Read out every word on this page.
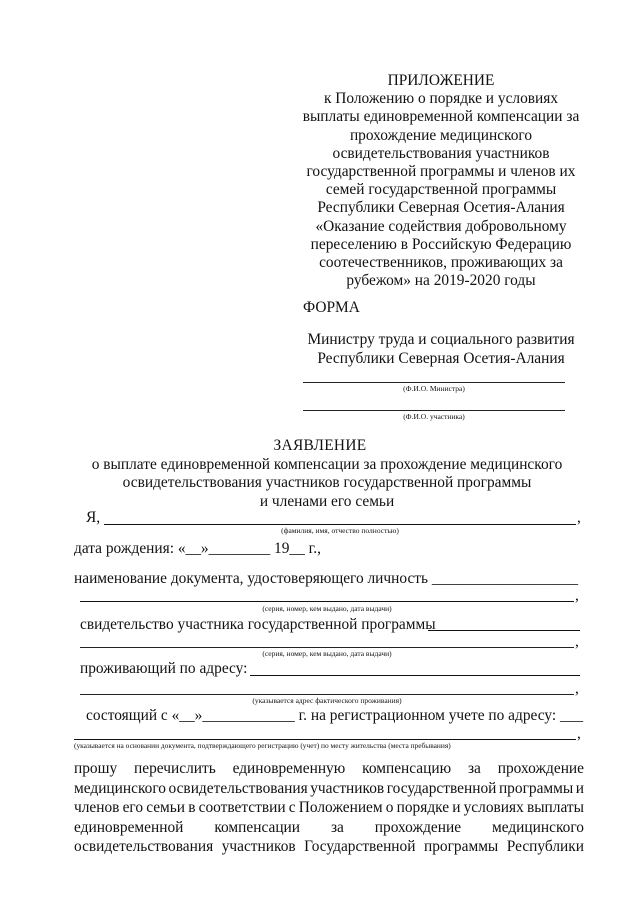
ПРИЛОЖЕНИЕ
к Положению о порядке и условиях
выплаты единовременной компенсации за
прохождение медицинского
освидетельствования участников
государственной программы и членов их
семей государственной программы
Республики Северная Осетия-Алания
«Оказание содействия добровольному
переселению в Российскую Федерацию
соотечественников, проживающих за
рубежом» на 2019-2020 годы
ФОРМА
Министру труда и социального развития
Республики Северная Осетия-Алания
(Ф.И.О. Министра)
(Ф.И.О. участника)
ЗАЯВЛЕНИЕ
о выплате единовременной компенсации за прохождение медицинского
освидетельствования участников государственной программы
и членами его семьи
Я,	,
(фамилия, имя, отчество полностью)
дата рождения: «__»________ 19__ г.,
наименование документа, удостоверяющего личность ___________________
,
(серия, номер, кем выдано, дата выдачи)
свидетельство участника государственной программы
,
(серия, номер, кем выдано, дата выдачи)
проживающий по адресу:
,
(указывается адрес фактического проживания)
состоящий с «__»____________ г. на регистрационном учете по адресу: ___
,
(указывается на основании документа, подтверждающего регистрацию (учет) по месту жительства (места пребывания)
прошу перечислить единовременную компенсацию за прохождение
медицинского освидетельствования участников государственной программы и
членов его семьи в соответствии с Положением о порядке и условиях выплаты
единовременной компенсации за прохождение медицинского
освидетельствования участников Государственной программы Республики
